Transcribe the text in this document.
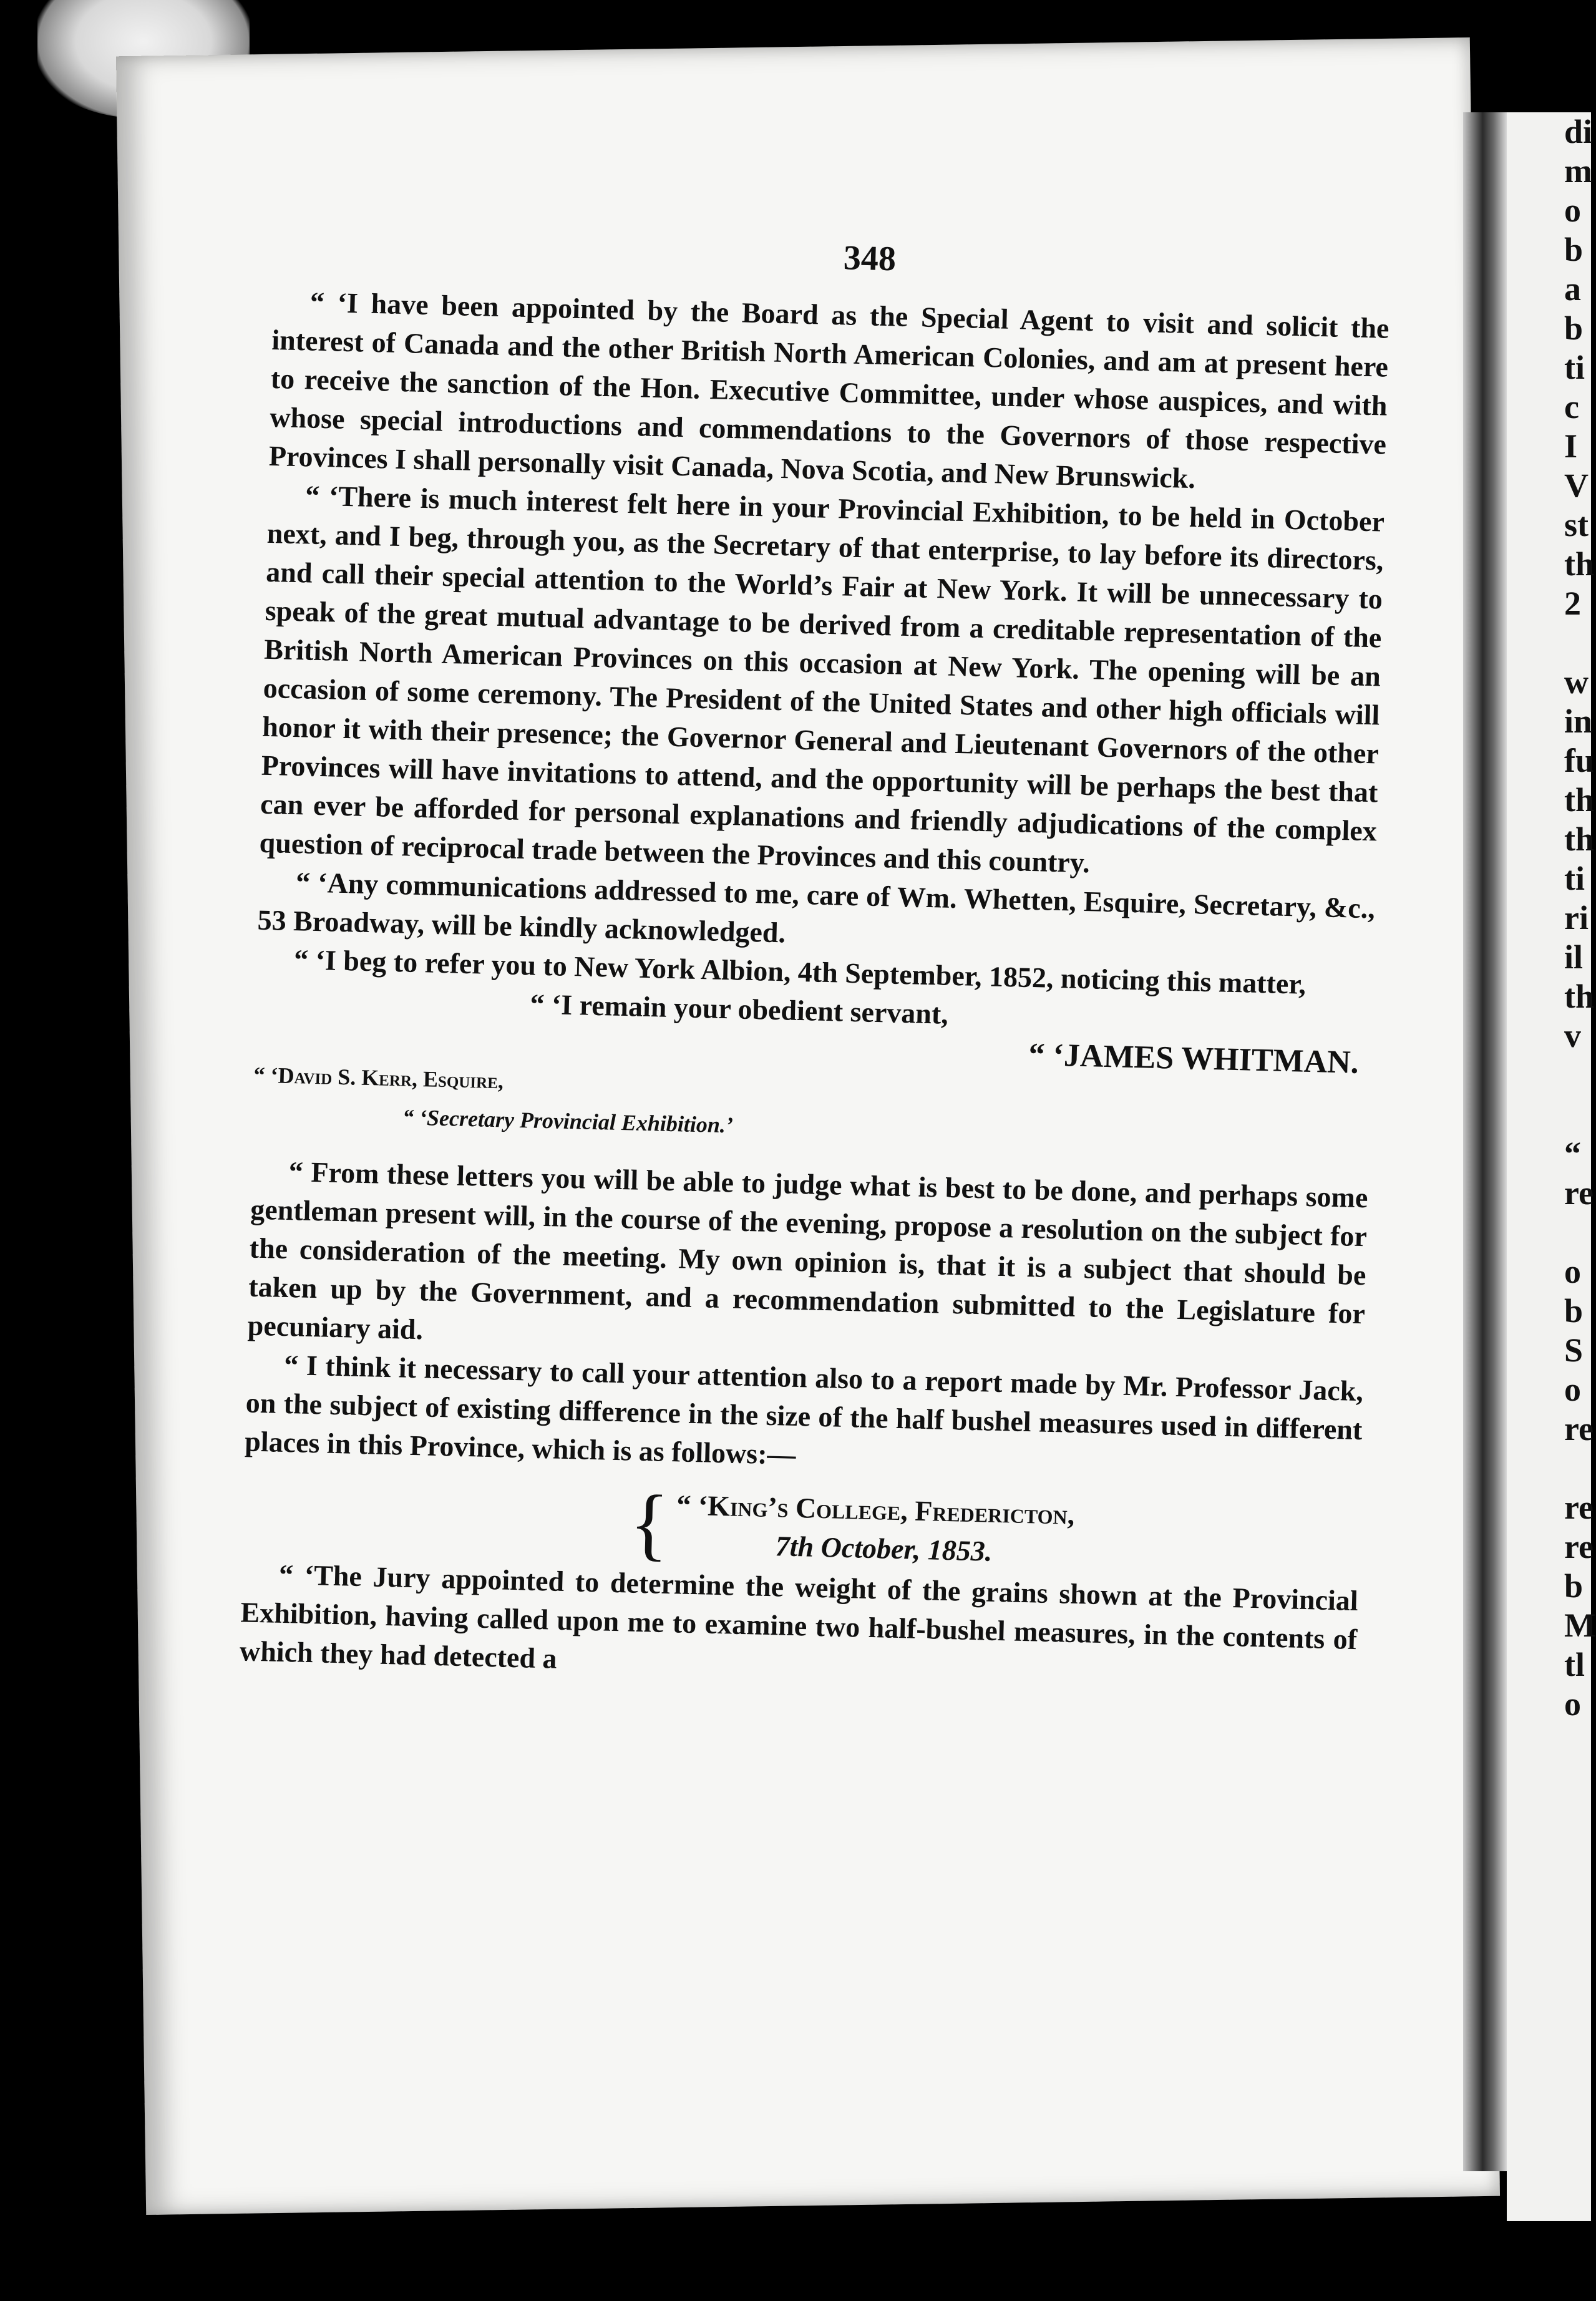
di
m
o
b
a
b
ti
c
I
V
st
th
2
w
in
fu
th
th
ti
ri
il
th
v
“
re
o
b
S
o
re
re
re
b
M
tl
o
348

“ ‘I have been appointed by the Board as the Special Agent to visit and solicit the interest of Canada and the other British North American Colonies, and am at present here to receive the sanction of the Hon. Executive Committee, under whose auspices, and with whose special introductions and commendations to the Governors of those respective Provinces I shall personally visit Canada, Nova Scotia, and New Brunswick.

“ ‘There is much interest felt here in your Provincial Exhibition, to be held in October next, and I beg, through you, as the Secretary of that enterprise, to lay before its directors, and call their special attention to the World’s Fair at New York. It will be unnecessary to speak of the great mutual advantage to be derived from a creditable representation of the British North American Provinces on this occasion at New York. The opening will be an occasion of some ceremony. The President of the United States and other high officials will honor it with their presence; the Governor General and Lieutenant Governors of the other Provinces will have invitations to attend, and the opportunity will be perhaps the best that can ever be afforded for personal explanations and friendly adjudications of the complex question of reciprocal trade between the Provinces and this country.

“ ‘Any communications addressed to me, care of Wm. Whetten, Esquire, Secretary, &c., 53 Broadway, will be kindly acknowledged.

“ ‘I beg to refer you to New York Albion, 4th September, 1852, noticing this matter,

“ ‘I remain your obedient servant,

“ ‘JAMES WHITMAN.
“ ‘David S. Kerr, Esquire,
“ ‘Secretary Provincial Exhibition.’

“ From these letters you will be able to judge what is best to be done, and perhaps some gentleman present will, in the course of the evening, propose a resolution on the subject for the consideration of the meeting. My own opinion is, that it is a subject that should be taken up by the Government, and a recommendation submitted to the Legislature for pecuniary aid.

“ I think it necessary to call your attention also to a report made by Mr. Professor Jack, on the subject of existing difference in the size of the half bushel measures used in different places in this Province, which is as follows:—

{ “ ‘King’s College, Fredericton,
7th October, 1853.

“ ‘The Jury appointed to determine the weight of the grains shown at the Provincial Exhibition, having called upon me to examine two half-bushel measures, in the contents of which they had detected a
